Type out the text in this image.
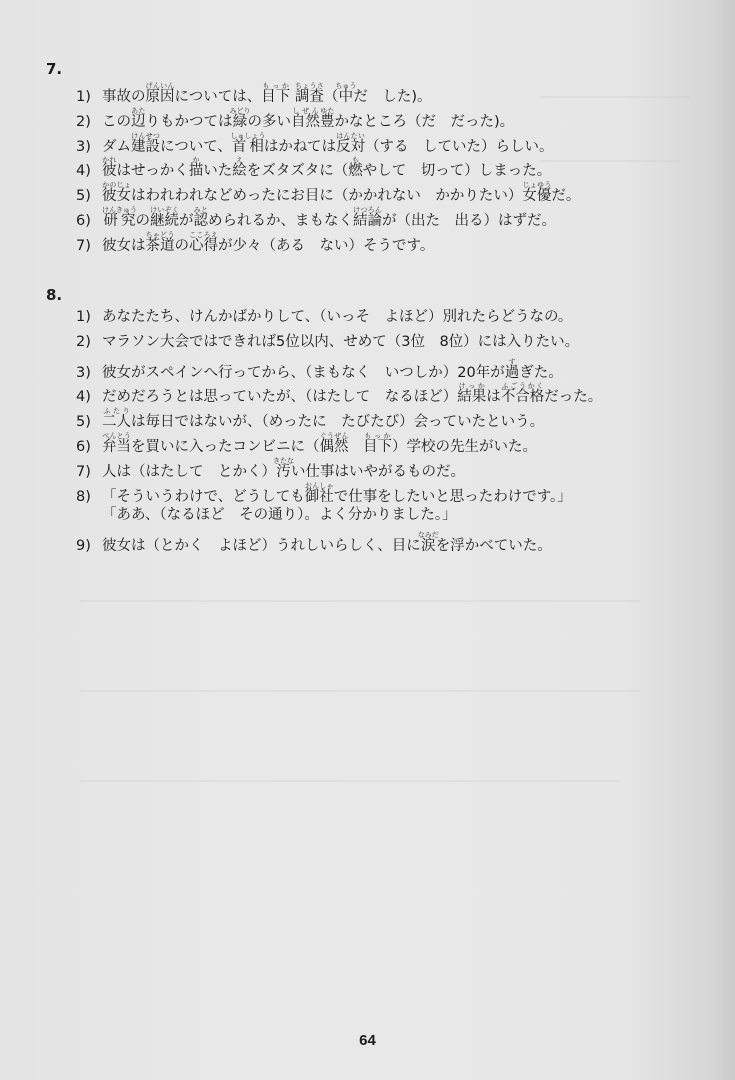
7.
1) 事故の原因げんいんについては、目下もっか 調査ちょうさ（中ちゅうだ　した)。
2) この辺あたりもかつては緑みどりの多い自然しぜん豊ゆたかなところ（だ　だった)。
3) ダム建設けんせつについて、首相しゅしょうはかねては反対はんたい（する　していた）らしい。
4) 彼かれはせっかく描かいた絵えをズタズタに（燃もやして　切って）しまった。
5) 彼女かのじょはわれわれなどめったにお目に（かかれない　かかりたい）女優じょゆうだ。
6) 研究けんきゅうの継続けいぞくが認みとめられるか、まもなく結論けつろんが（出た　出る）はずだ。
7) 彼女は茶道ちゃどうの心得こころえが少々（ある　ない）そうです。
8.
1) あなたたち、けんかばかりして、（いっそ　よほど）別れたらどうなの。
2) マラソン大会ではできれば5位以内、せめて（3位　8位）には入りたい。
3) 彼女がスペインへ行ってから、（まもなく　いつしか）20年が過すぎた。
4) だめだろうとは思っていたが、（はたして　なるほど）結果けっかは不合格ふごうかくだった。
5) 二人ふたりは毎日ではないが、（めったに　たびたび）会っていたという。
6) 弁当べんとうを買いに入ったコンビニに（偶然ぐうぜん　目下もっか）学校の先生がいた。
7) 人は（はたして　とかく）汚きたない仕事はいやがるものだ。
8) 「そういうわけで、どうしても御社おんしゃで仕事をしたいと思ったわけです。」
「ああ、（なるほど　その通り）。よく分かりました。」
9) 彼女は（とかく　よほど）うれしいらしく、目に涙なみだを浮かべていた。
64
